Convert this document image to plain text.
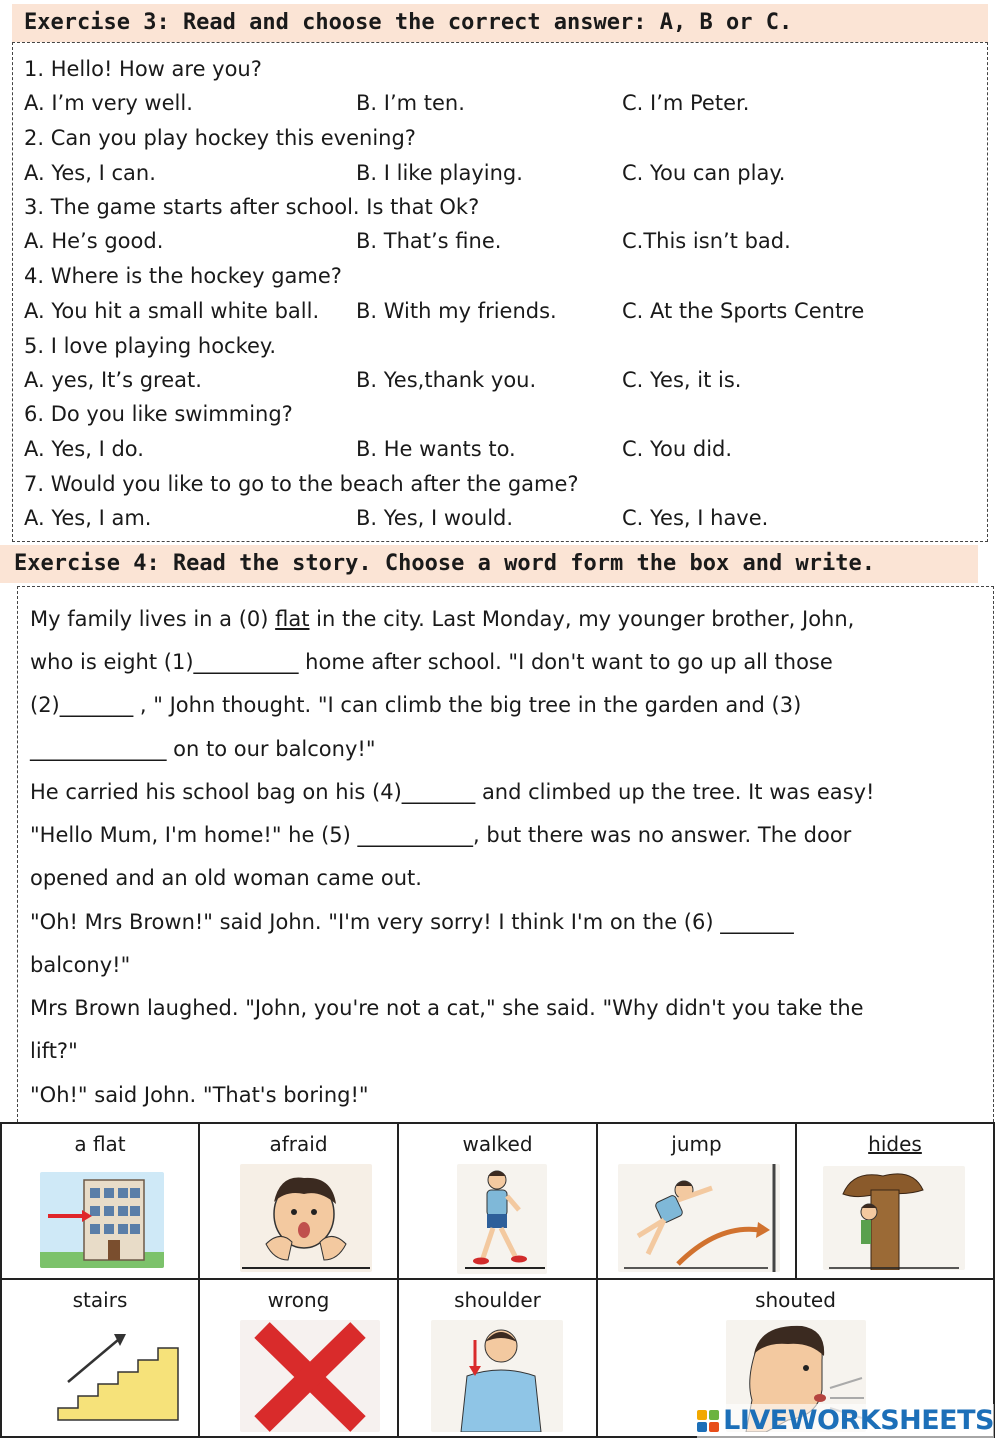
Exercise 3: Read and choose the correct answer: A, B or C.
1. Hello! How are you?
A. I’m very well.	B. I’m ten.	C. I’m Peter.
2. Can you play hockey this evening?
A. Yes, I can.	B. I like playing.	C. You can play.
3. The game starts after school. Is that Ok?
A. He’s good.	B. That’s fine.	C.This isn’t bad.
4. Where is the hockey game?
A. You hit a small white ball. B. With my friends.	C. At the Sports Centre
5. I love playing hockey.
A. yes, It’s great.	B. Yes,thank you.	C. Yes, it is.
6. Do you like swimming?
A. Yes, I do.	B. He wants to.	C. You did.
7. Would you like to go to the beach after the game?
A. Yes, I am.	B. Yes, I would.	C. Yes, I have.
Exercise 4: Read the story. Choose a word form the box and write.
My family lives in a (0) flat in the city. Last Monday, my younger brother, John,
who is eight (1)__________ home after school. "I don't want to go up all those
(2)_______ , " John thought. "I can climb the big tree in the garden and (3)
_____________ on to our balcony!"
He carried his school bag on his (4)_______ and climbed up the tree. It was easy!
"Hello Mum, I'm home!" he (5) ___________, but there was no answer. The door
opened and an old woman came out.
"Oh! Mrs Brown!" said John. "I'm very sorry! I think I'm on the (6) _______
balcony!"
Mrs Brown laughed. "John, you're not a cat," she said. "Why didn't you take the
lift?"
"Oh!" said John. "That's boring!"
a flat	afraid	walked	jump	hides
stairs	wrong	shoulder	shouted
LIVEWORKSHEETS
